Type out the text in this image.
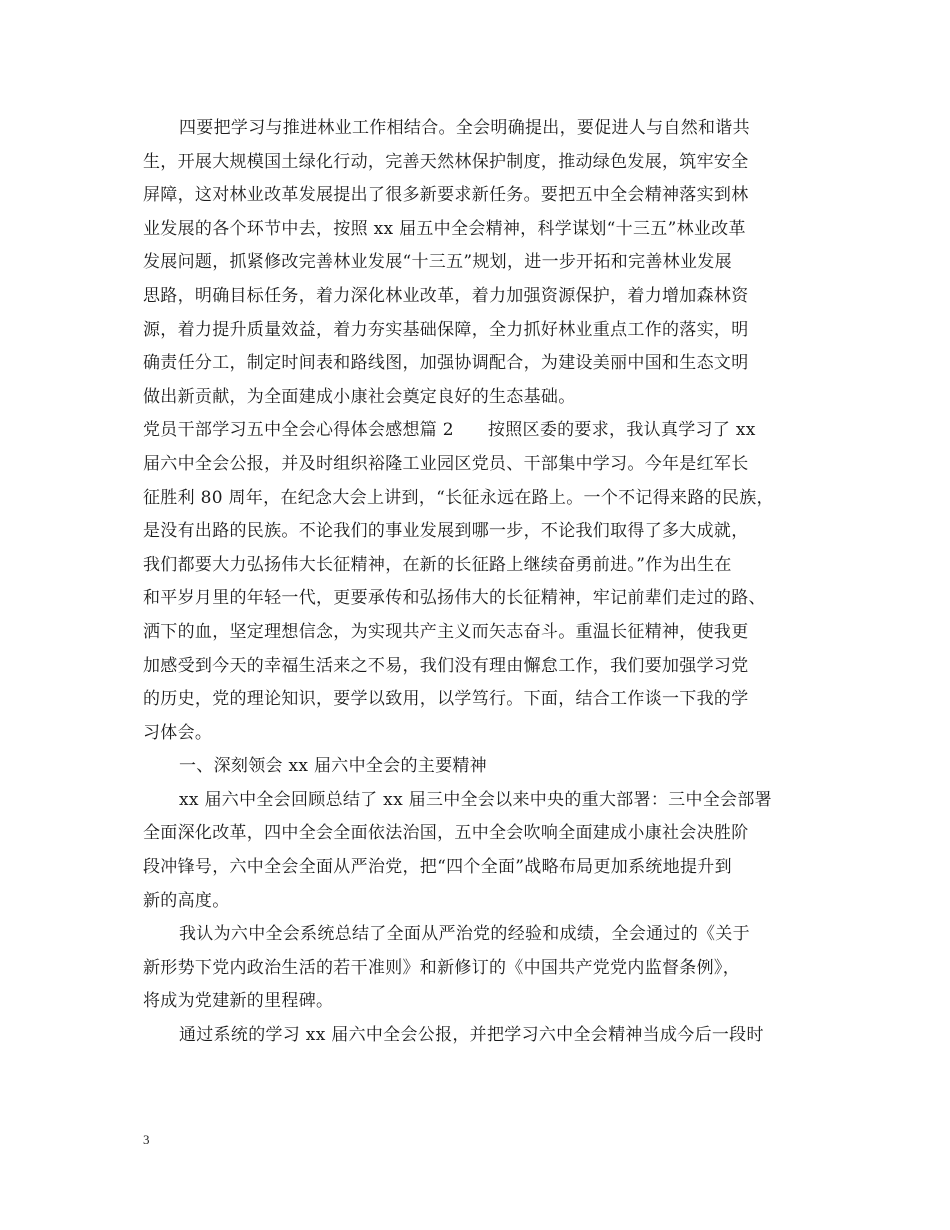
四要把学习与推进林业工作相结合。全会明确提出，要促进人与自然和谐共
生，开展大规模国土绿化行动，完善天然林保护制度，推动绿色发展，筑牢安全
屏障，这对林业改革发展提出了很多新要求新任务。要把五中全会精神落实到林
业发展的各个环节中去，按照 xx 届五中全会精神，科学谋划“十三五”林业改革
发展问题，抓紧修改完善林业发展“十三五”规划，进一步开拓和完善林业发展
思路，明确目标任务，着力深化林业改革，着力加强资源保护，着力增加森林资
源，着力提升质量效益，着力夯实基础保障，全力抓好林业重点工作的落实，明
确责任分工，制定时间表和路线图，加强协调配合，为建设美丽中国和生态文明
做出新贡献，为全面建成小康社会奠定良好的生态基础。
党员干部学习五中全会心得体会感想篇 2 按照区委的要求，我认真学习了 xx
届六中全会公报，并及时组织裕隆工业园区党员、干部集中学习。今年是红军长
征胜利 80 周年，在纪念大会上讲到，“长征永远在路上。一个不记得来路的民族，
是没有出路的民族。不论我们的事业发展到哪一步，不论我们取得了多大成就，
我们都要大力弘扬伟大长征精神，在新的长征路上继续奋勇前进。”作为出生在
和平岁月里的年轻一代，更要承传和弘扬伟大的长征精神，牢记前辈们走过的路、
洒下的血，坚定理想信念，为实现共产主义而矢志奋斗。重温长征精神，使我更
加感受到今天的幸福生活来之不易，我们没有理由懈怠工作，我们要加强学习党
的历史，党的理论知识，要学以致用，以学笃行。下面，结合工作谈一下我的学
习体会。
一、深刻领会 xx 届六中全会的主要精神
xx 届六中全会回顾总结了 xx 届三中全会以来中央的重大部署：三中全会部署
全面深化改革，四中全会全面依法治国，五中全会吹响全面建成小康社会决胜阶
段冲锋号，六中全会全面从严治党，把“四个全面”战略布局更加系统地提升到
新的高度。
我认为六中全会系统总结了全面从严治党的经验和成绩，全会通过的《关于
新形势下党内政治生活的若干准则》和新修订的《中国共产党党内监督条例》，
将成为党建新的里程碑。
通过系统的学习 xx 届六中全会公报，并把学习六中全会精神当成今后一段时
3
